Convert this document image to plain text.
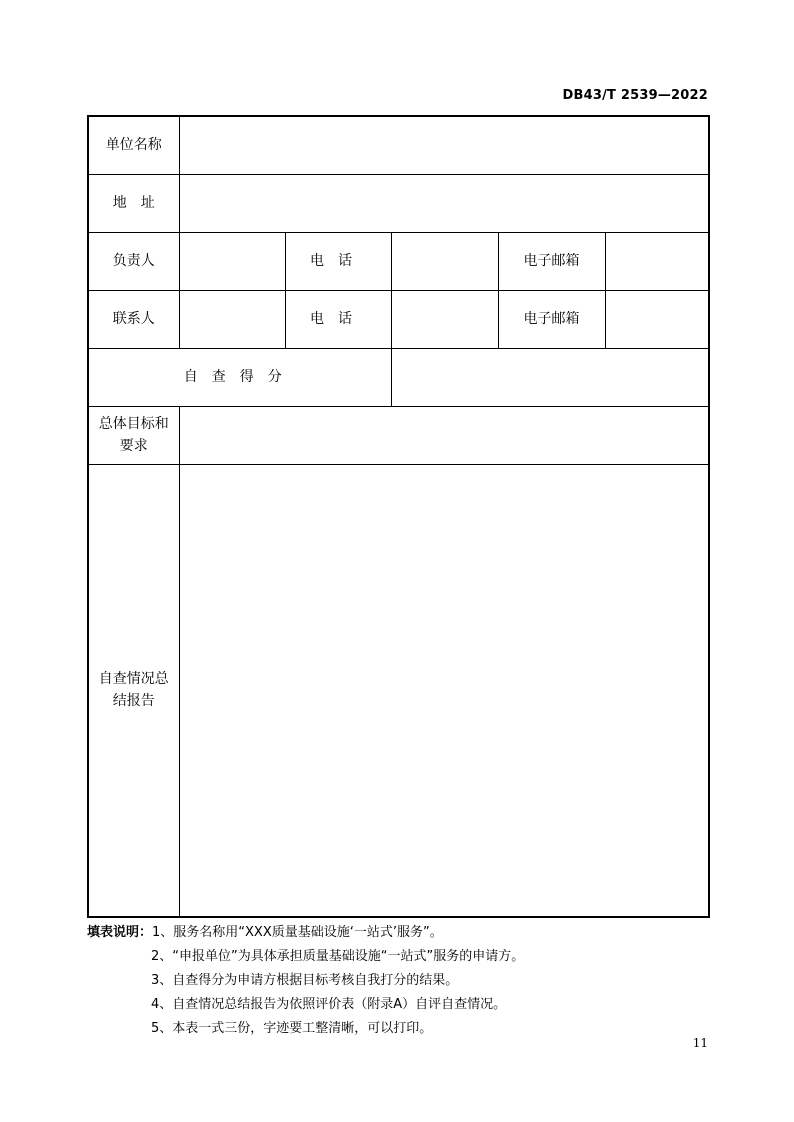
DB43/T 2539—2022
单位名称					
地　址					
负责人		电话		电子邮箱	
联系人		电话		电子邮箱	
自查得分					

总体目标和
要求					

自查情况总
结报告					

填表说明：1、服务名称用“XXX质量基础设施‘一站式’服务”。
2、“申报单位”为具体承担质量基础设施“一站式”服务的申请方。
3、自查得分为申请方根据目标考核自我打分的结果。
4、自查情况总结报告为依照评价表（附录A）自评自查情况。
5、本表一式三份，字迹要工整清晰，可以打印。
11
